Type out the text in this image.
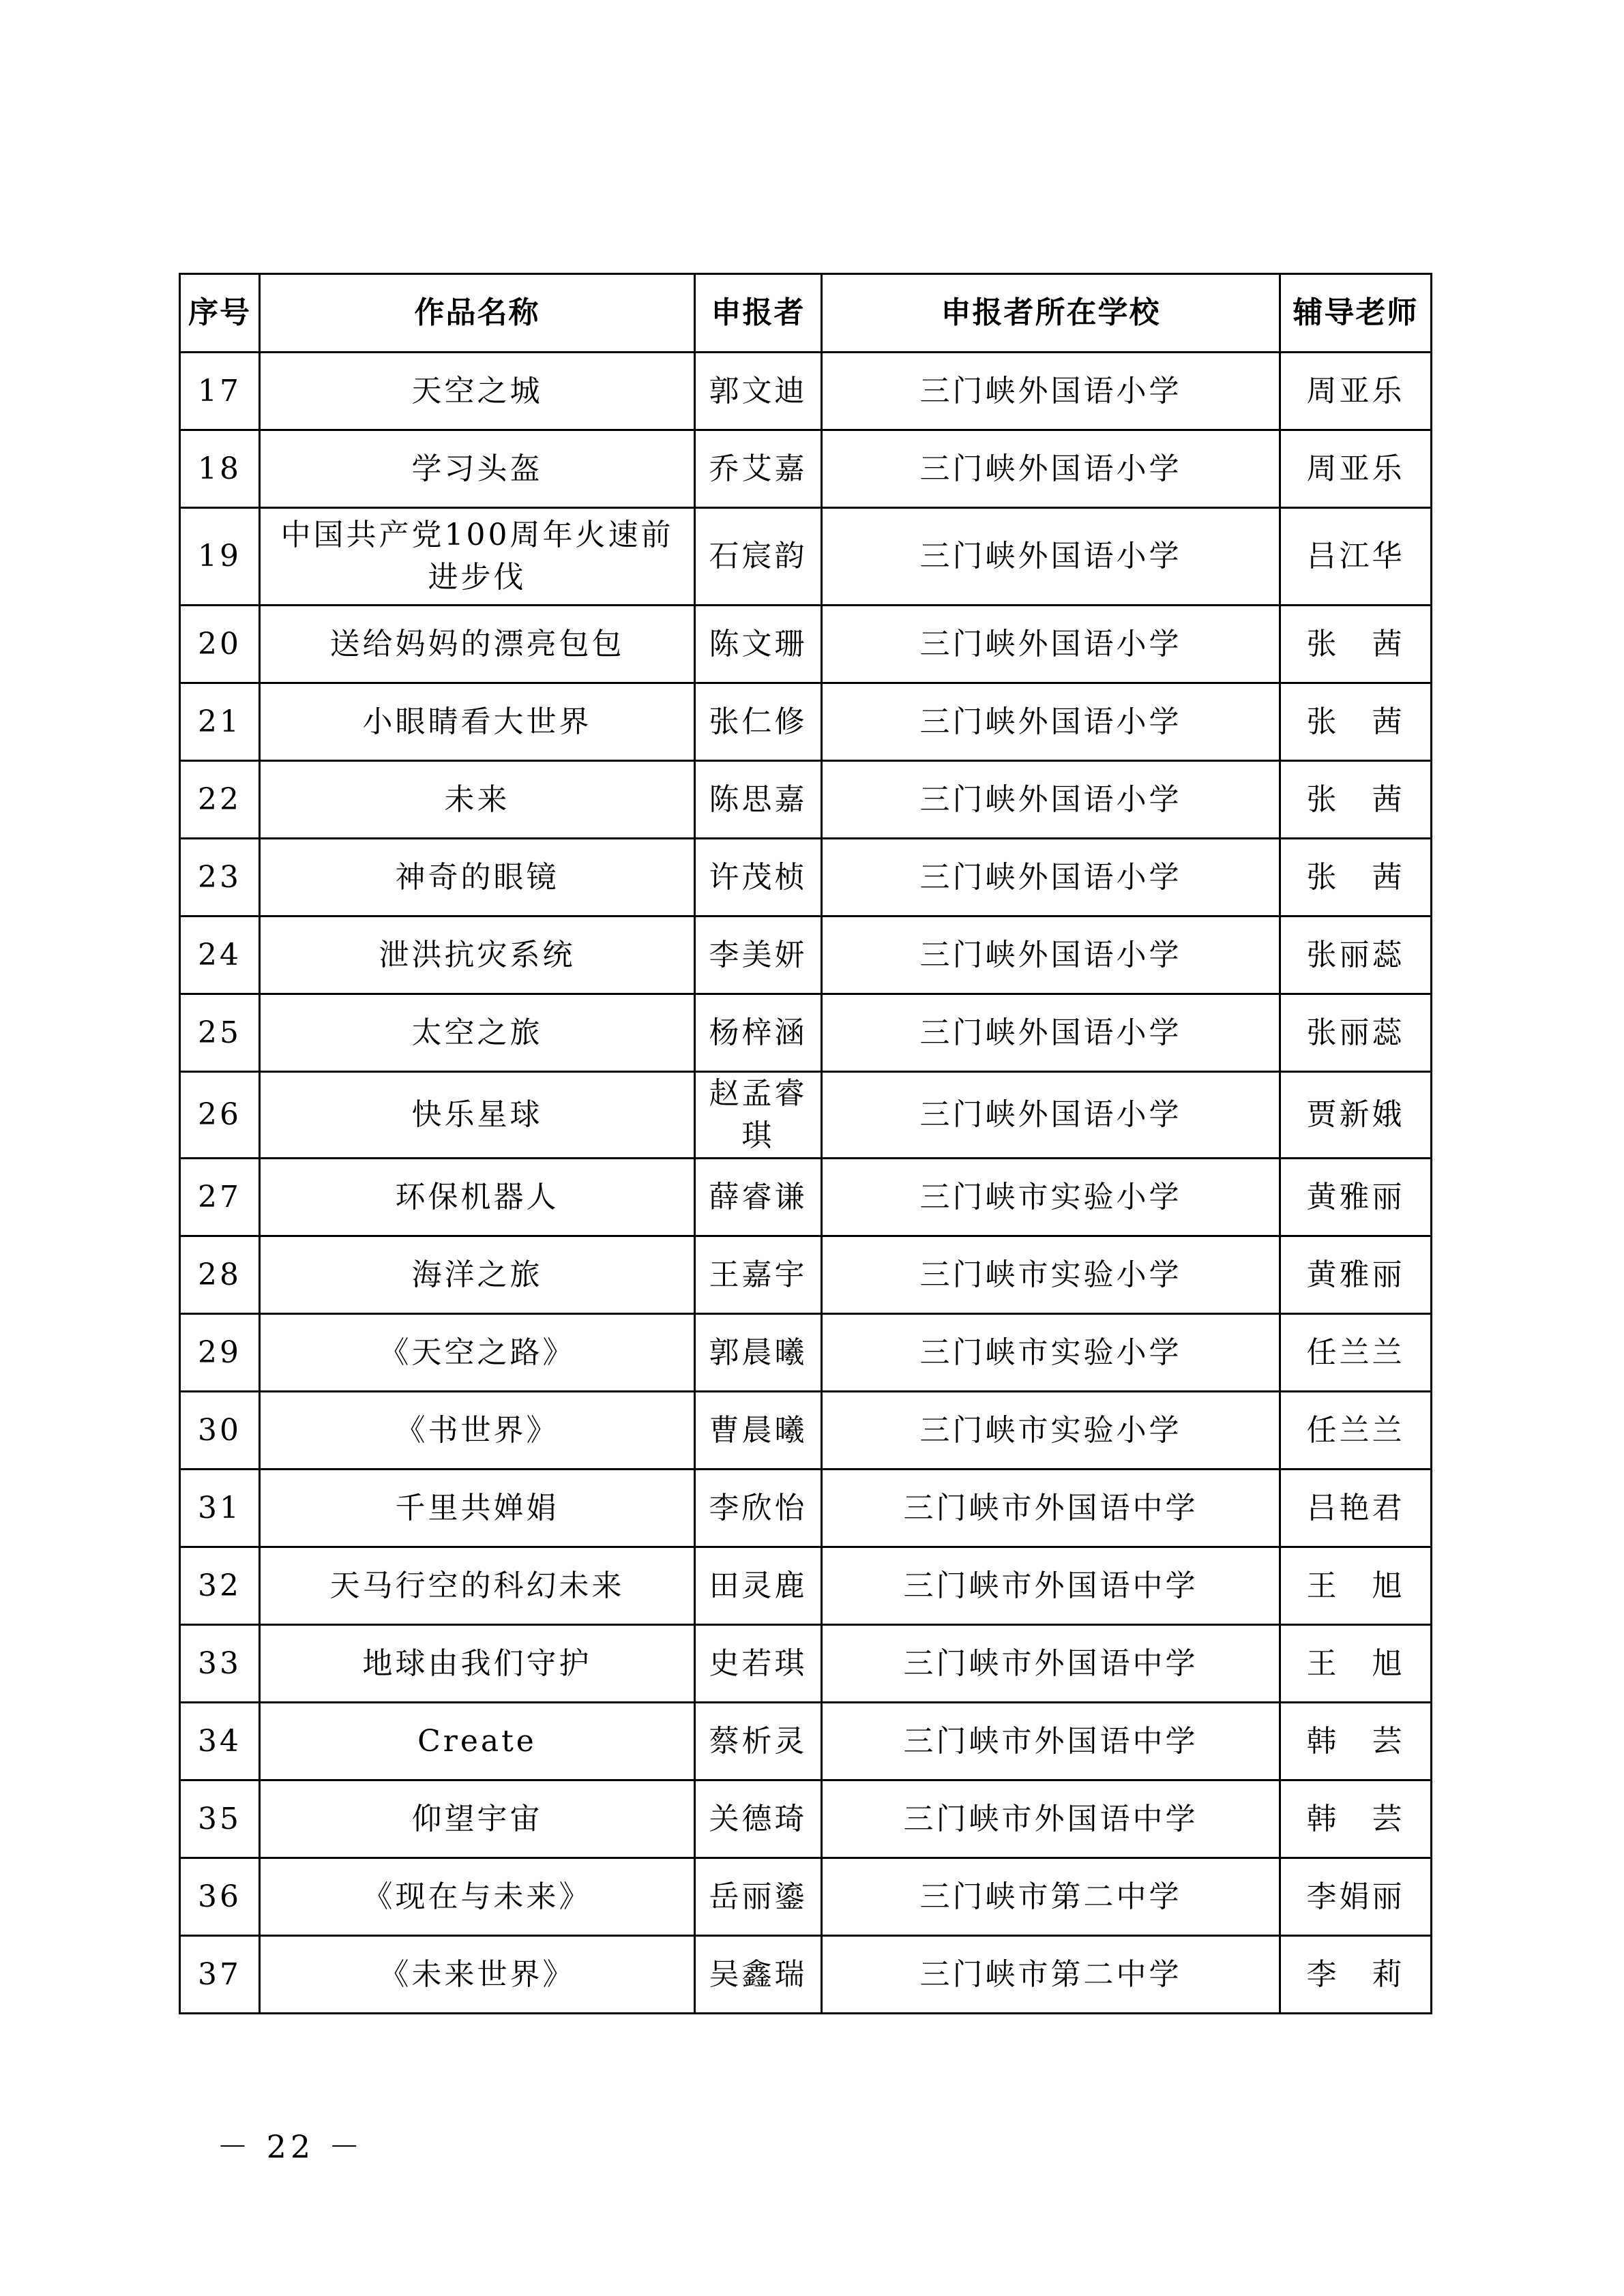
序号	作品名称	申报者	申报者所在学校	辅导老师
17	天空之城	郭文迪	三门峡外国语小学	周亚乐
18	学习头盔	乔艾嘉	三门峡外国语小学	周亚乐
19	中国共产党100周年火速前进步伐	石宸韵	三门峡外国语小学	吕江华
20	送给妈妈的漂亮包包	陈文珊	三门峡外国语小学	张　茜
21	小眼睛看大世界	张仁修	三门峡外国语小学	张　茜
22	未来	陈思嘉	三门峡外国语小学	张　茜
23	神奇的眼镜	许茂桢	三门峡外国语小学	张　茜
24	泄洪抗灾系统	李美妍	三门峡外国语小学	张丽蕊
25	太空之旅	杨梓涵	三门峡外国语小学	张丽蕊
26	快乐星球	赵孟睿琪	三门峡外国语小学	贾新娥
27	环保机器人	薛睿谦	三门峡市实验小学	黄雅丽
28	海洋之旅	王嘉宇	三门峡市实验小学	黄雅丽
29	《天空之路》	郭晨曦	三门峡市实验小学	任兰兰
30	《书世界》	曹晨曦	三门峡市实验小学	任兰兰
31	千里共婵娟	李欣怡	三门峡市外国语中学	吕艳君
32	天马行空的科幻未来	田灵鹿	三门峡市外国语中学	王　旭
33	地球由我们守护	史若琪	三门峡市外国语中学	王　旭
34	Create	蔡析灵	三门峡市外国语中学	韩　芸
35	仰望宇宙	关德琦	三门峡市外国语中学	韩　芸
36	《现在与未来》	岳丽鎏	三门峡市第二中学	李娟丽
37	《未来世界》	吴鑫瑞	三门峡市第二中学	李　莉
－ 22 －
